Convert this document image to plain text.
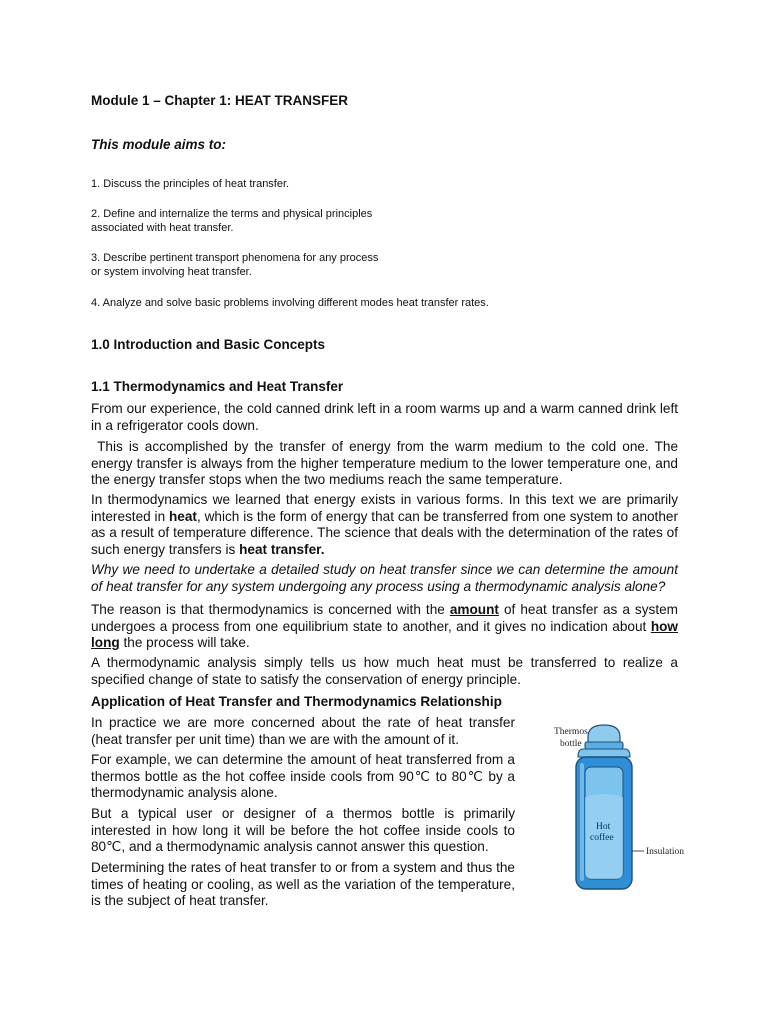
Module 1 – Chapter 1: HEAT TRANSFER
This module aims to:
1. Discuss the principles of heat transfer.
2. Define and internalize the terms and physical principles
associated with heat transfer.
3. Describe pertinent transport phenomena for any process
or system involving heat transfer.
4. Analyze and solve basic problems involving different modes heat transfer rates.
1.0 Introduction and Basic Concepts
1.1 Thermodynamics and Heat Transfer
From our experience, the cold canned drink left in a room warms up and a warm canned drink left in a refrigerator cools down.
This is accomplished by the transfer of energy from the warm medium to the cold one. The energy transfer is always from the higher temperature medium to the lower temperature one, and the energy transfer stops when the two mediums reach the same temperature.
In thermodynamics we learned that energy exists in various forms. In this text we are primarily interested in heat, which is the form of energy that can be transferred from one system to another as a result of temperature difference. The science that deals with the determination of the rates of such energy transfers is heat transfer.
Why we need to undertake a detailed study on heat transfer since we can determine the amount of heat transfer for any system undergoing any process using a thermodynamic analysis alone?
The reason is that thermodynamics is concerned with the amount of heat transfer as a system undergoes a process from one equilibrium state to another, and it gives no indication about how long the process will take.
A thermodynamic analysis simply tells us how much heat must be transferred to realize a specified change of state to satisfy the conservation of energy principle.
Application of Heat Transfer and Thermodynamics Relationship
In practice we are more concerned about the rate of heat transfer (heat transfer per unit time) than we are with the amount of it.
For example, we can determine the amount of heat transferred from a thermos bottle as the hot coffee inside cools from 90℃ to 80℃ by a thermodynamic analysis alone.
But a typical user or designer of a thermos bottle is primarily interested in how long it will be before the hot coffee inside cools to 80℃, and a thermodynamic analysis cannot answer this question.
Determining the rates of heat transfer to or from a system and thus the times of heating or cooling, as well as the variation of the temperature, is the subject of heat transfer.
Thermos
bottle
Hot
coffee
Insulation
